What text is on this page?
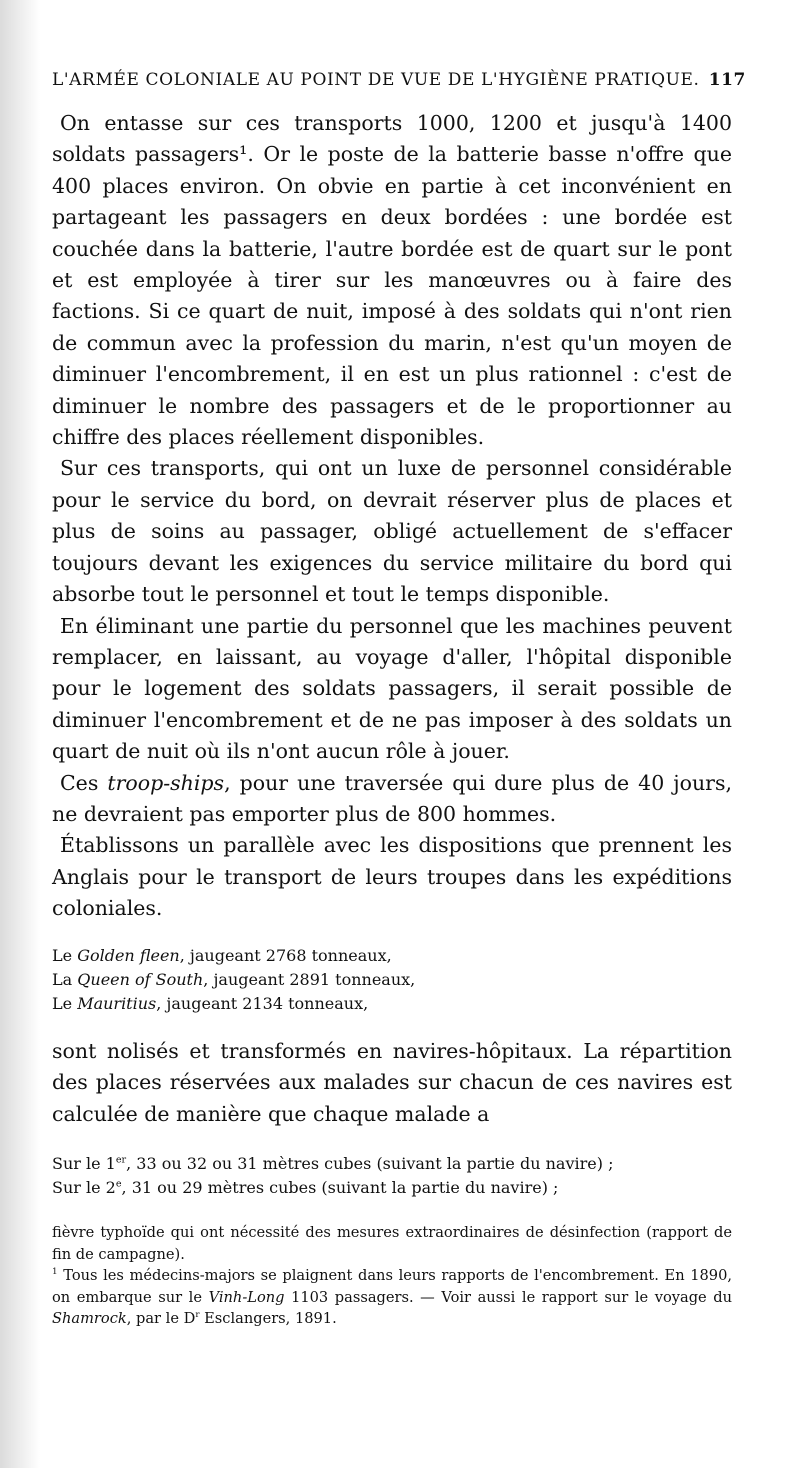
L'ARMÉE COLONIALE AU POINT DE VUE DE L'HYGIÈNE PRATIQUE. 117

On entasse sur ces transports 1000, 1200 et jusqu'à 1400 soldats passagers¹. Or le poste de la batterie basse n'offre que 400 places environ. On obvie en partie à cet inconvénient en partageant les passagers en deux bordées : une bordée est couchée dans la batterie, l'autre bordée est de quart sur le pont et est employée à tirer sur les manœuvres ou à faire des factions. Si ce quart de nuit, imposé à des soldats qui n'ont rien de commun avec la profession du marin, n'est qu'un moyen de diminuer l'encombrement, il en est un plus rationnel : c'est de diminuer le nombre des passagers et de le proportionner au chiffre des places réellement disponibles.

Sur ces transports, qui ont un luxe de personnel considérable pour le service du bord, on devrait réserver plus de places et plus de soins au passager, obligé actuellement de s'effacer toujours devant les exigences du service militaire du bord qui absorbe tout le personnel et tout le temps disponible.

En éliminant une partie du personnel que les machines peuvent remplacer, en laissant, au voyage d'aller, l'hôpital disponible pour le logement des soldats passagers, il serait possible de diminuer l'encombrement et de ne pas imposer à des soldats un quart de nuit où ils n'ont aucun rôle à jouer.

Ces troop-ships, pour une traversée qui dure plus de 40 jours, ne devraient pas emporter plus de 800 hommes.

Établissons un parallèle avec les dispositions que prennent les Anglais pour le transport de leurs troupes dans les expéditions coloniales.

Le Golden fleen, jaugeant 2768 tonneaux,
La Queen of South, jaugeant 2891 tonneaux,
Le Mauritius, jaugeant 2134 tonneaux,

sont nolisés et transformés en navires-hôpitaux. La répartition des places réservées aux malades sur chacun de ces navires est calculée de manière que chaque malade a

Sur le 1er, 33 ou 32 ou 31 mètres cubes (suivant la partie du navire) ;
Sur le 2e, 31 ou 29 mètres cubes (suivant la partie du navire) ;

fièvre typhoïde qui ont nécessité des mesures extraordinaires de désinfection (rapport de fin de campagne).

$^1$ Tous les médecins-majors se plaignent dans leurs rapports de l'encombrement. En 1890, on embarque sur le Vinh-Long 1103 passagers. — Voir aussi le rapport sur le voyage du Shamrock, par le $D^r$ Esclangers, 1891.
